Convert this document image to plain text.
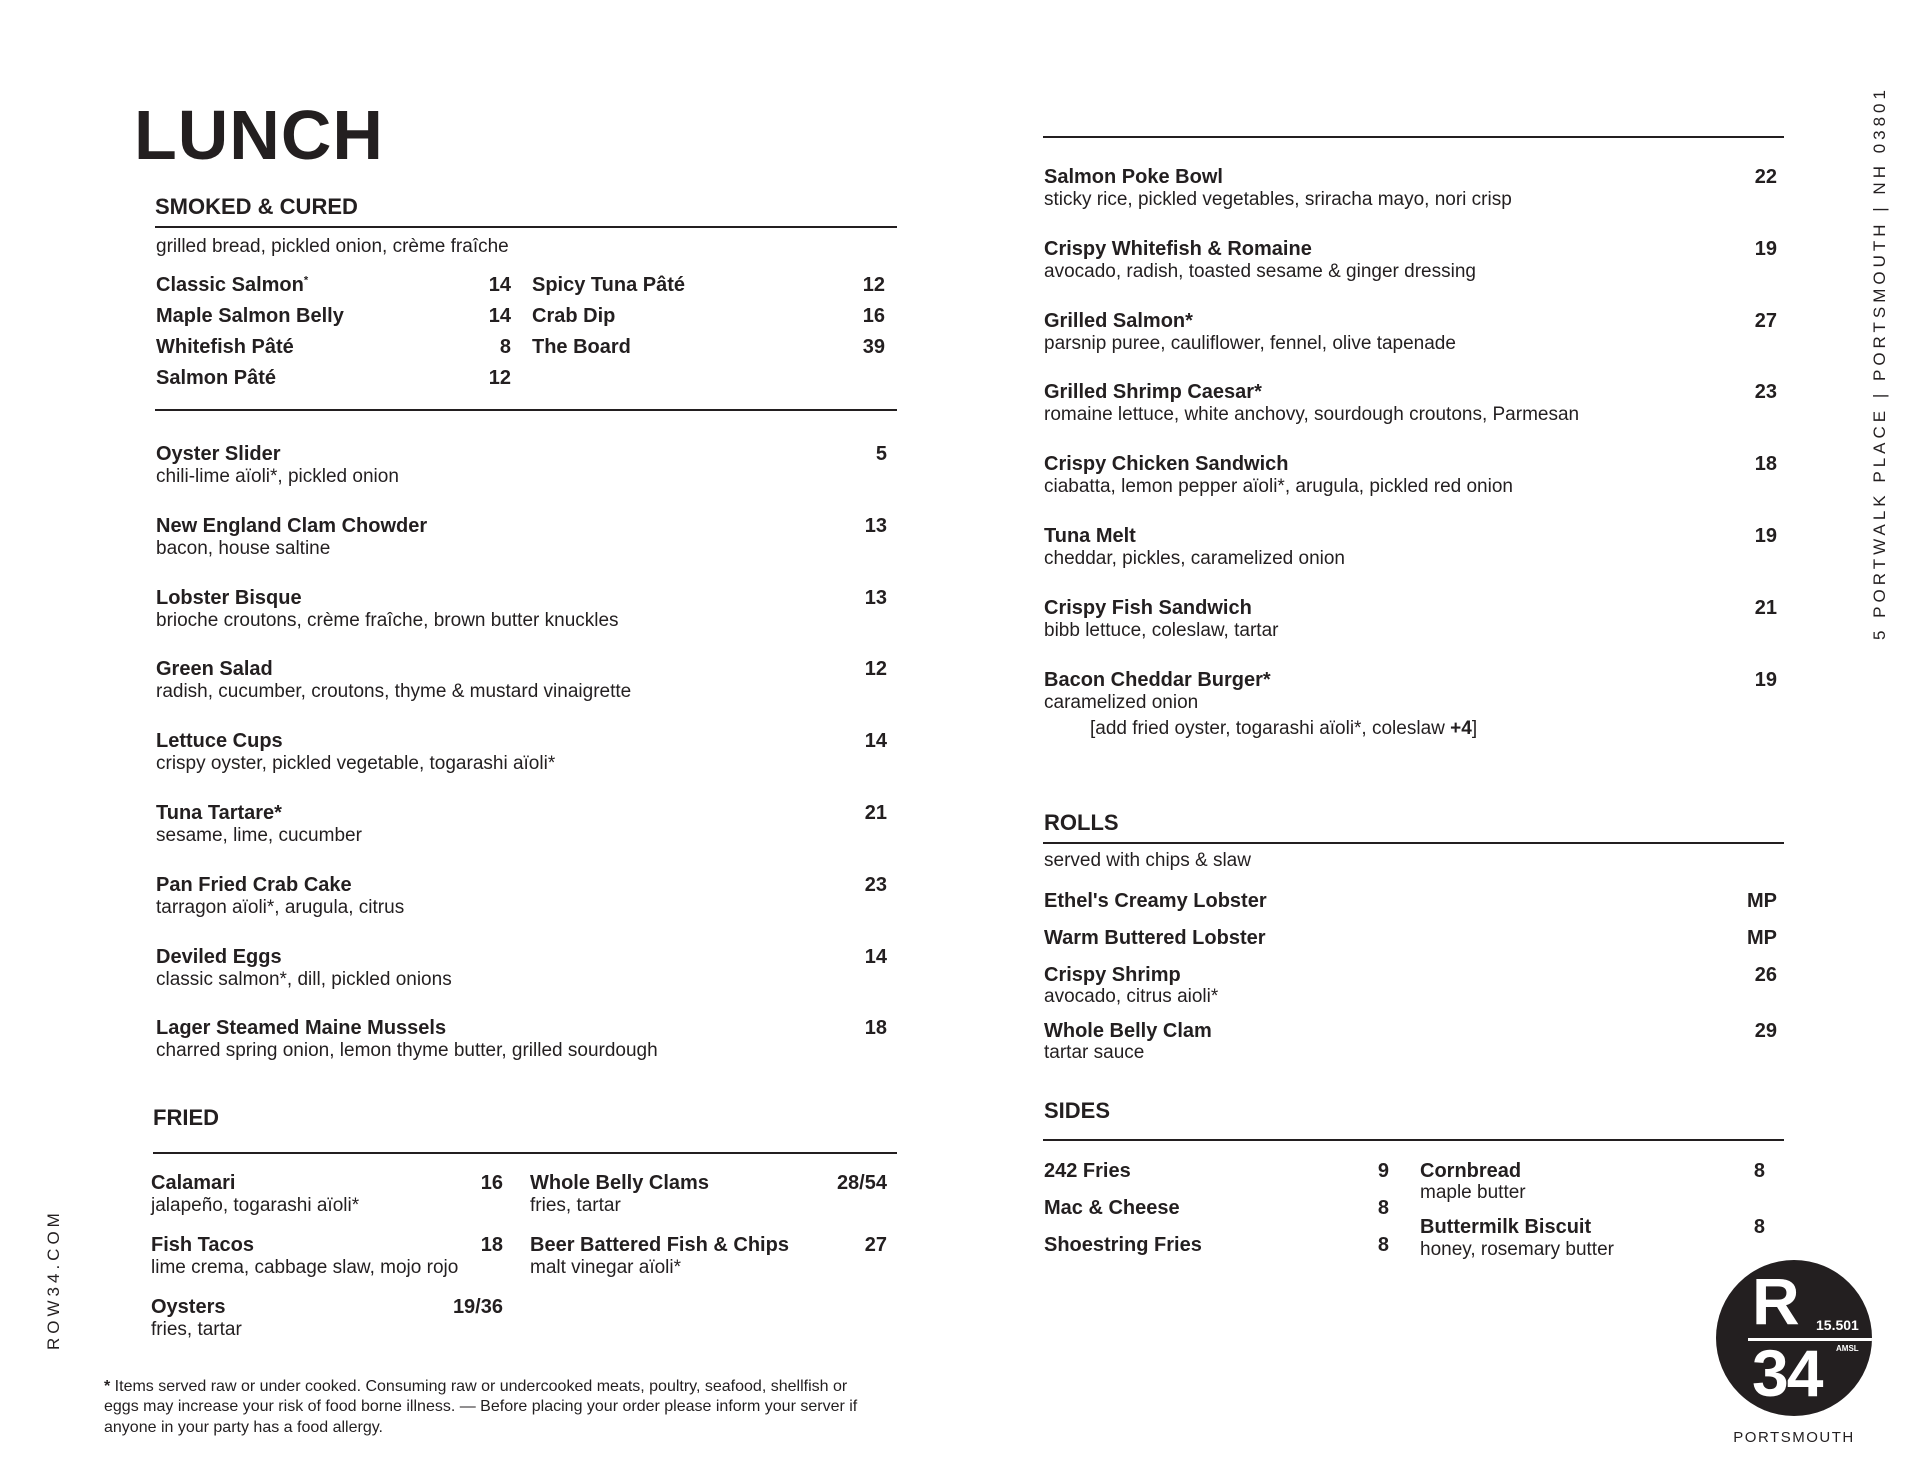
LUNCH
SMOKED & CURED
grilled bread, pickled onion, crème fraîche
Classic Salmon*	14
Maple Salmon Belly	14
Whitefish Pâté	8
Salmon Pâté	12
Spicy Tuna Pâté	12
Crab Dip	16
The Board	39
Oyster Slider	5
chili-lime aïoli*, pickled onion
New England Clam Chowder	13
bacon, house saltine
Lobster Bisque	13
brioche croutons, crème fraîche, brown butter knuckles
Green Salad	12
radish, cucumber, croutons, thyme & mustard vinaigrette
Lettuce Cups	14
crispy oyster, pickled vegetable, togarashi aïoli*
Tuna Tartare*	21
sesame, lime, cucumber
Pan Fried Crab Cake	23
tarragon aïoli*, arugula, citrus
Deviled Eggs	14
classic salmon*, dill, pickled onions
Lager Steamed Maine Mussels	18
charred spring onion, lemon thyme butter, grilled sourdough
FRIED
Calamari	16
jalapeño, togarashi aïoli*
Fish Tacos	18
lime crema, cabbage slaw, mojo rojo
Oysters	19/36
fries, tartar
Whole Belly Clams	28/54
fries, tartar
Beer Battered Fish & Chips	27
malt vinegar aïoli*
* Items served raw or under cooked. Consuming raw or undercooked meats, poultry, seafood, shellfish or eggs may increase your risk of food borne illness. — Before placing your order please inform your server if anyone in your party has a food allergy.
ROW34.COM
Salmon Poke Bowl	22
sticky rice, pickled vegetables, sriracha mayo, nori crisp
Crispy Whitefish & Romaine	19
avocado, radish, toasted sesame & ginger dressing
Grilled Salmon*	27
parsnip puree, cauliflower, fennel, olive tapenade
Grilled Shrimp Caesar*	23
romaine lettuce, white anchovy, sourdough croutons, Parmesan
Crispy Chicken Sandwich	18
ciabatta, lemon pepper aïoli*, arugula, pickled red onion
Tuna Melt	19
cheddar, pickles, caramelized onion
Crispy Fish Sandwich	21
bibb lettuce, coleslaw, tartar
Bacon Cheddar Burger*	19
caramelized onion
[add fried oyster, togarashi aïoli*, coleslaw +4]
ROLLS
served with chips & slaw
Ethel's Creamy Lobster	MP
Warm Buttered Lobster	MP
Crispy Shrimp	26
avocado, citrus aioli*
Whole Belly Clam	29
tartar sauce
SIDES
242 Fries	9
Mac & Cheese	8
Shoestring Fries	8
Cornbread	8
maple butter
Buttermilk Biscuit	8
honey, rosemary butter
5 PORTWALK PLACE | PORTSMOUTH | NH 03801
R 15.501
AMSL
34
PORTSMOUTH
